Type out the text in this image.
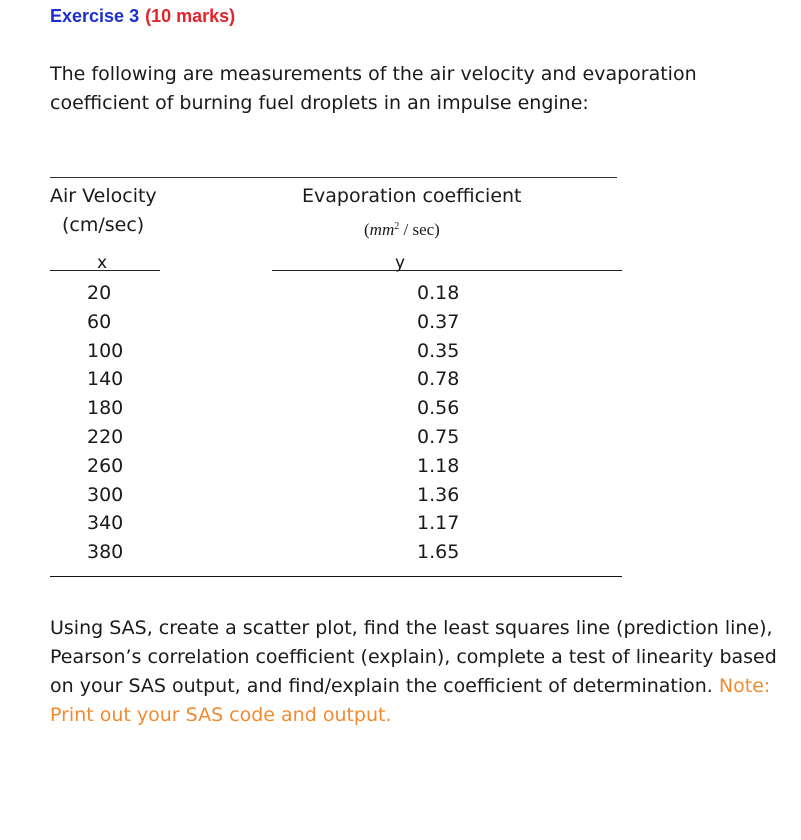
Exercise 3 (10 marks)
The following are measurements of the air velocity and evaporation coefficient of burning fuel droplets in an impulse engine:
Air Velocity
(cm/sec)
Evaporation coefficient
$(mm^2 / \sec)$
x	y
20	0.18
60	0.37
100	0.35
140	0.78
180	0.56
220	0.75
260	1.18
300	1.36
340	1.17
380	1.65
Using SAS, create a scatter plot, find the least squares line (prediction line), Pearson’s correlation coefficient (explain), complete a test of linearity based on your SAS output, and find/explain the coefficient of determination. Note: Print out your SAS code and output.
